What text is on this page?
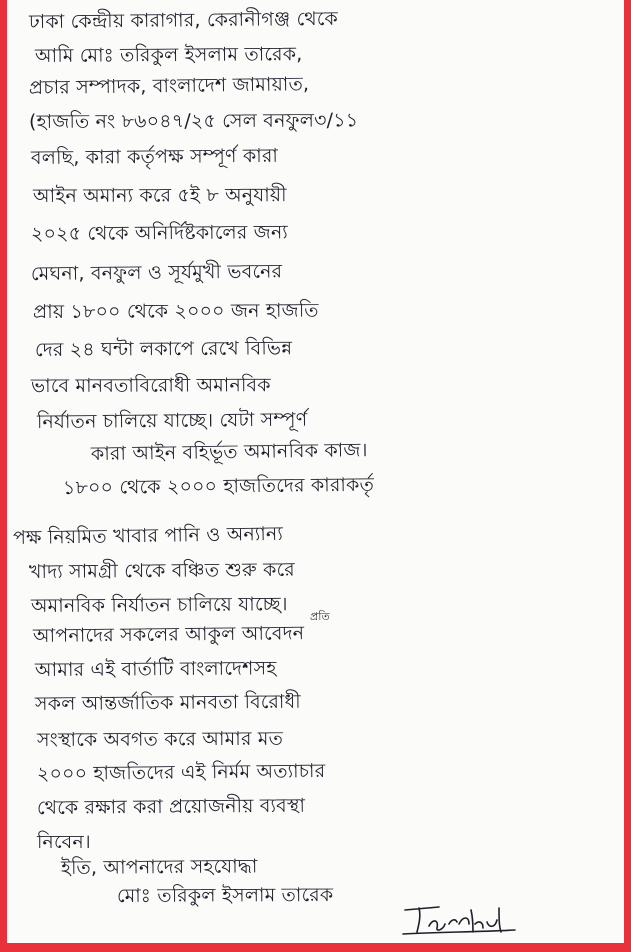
ঢাকা কেন্দ্রীয় কারাগার, কেরানীগঞ্জ থেকে
আমি মোঃ তরিকুল ইসলাম তারেক,
প্রচার সম্পাদক, বাংলাদেশ জামায়াত,
(হাজতি নং ৮৬০৪৭/২৫ সেল বনফুল৩/১১
বলছি, কারা কর্তৃপক্ষ সম্পূর্ণ কারা
আইন অমান্য করে ৫ই ৮ অনুযায়ী
২০২৫ থেকে অনির্দিষ্টকালের জন্য
মেঘনা, বনফুল ও সূর্যমুখী ভবনের
প্রায় ১৮০০ থেকে ২০০০ জন হাজতি
দের ২৪ ঘন্টা লকাপে রেখে বিভিন্ন
ভাবে মানবতাবিরোধী অমানবিক
নির্যাতন চালিয়ে যাচ্ছে। যেটা সম্পূর্ণ
কারা আইন বহির্ভূত অমানবিক কাজ।
১৮০০ থেকে ২০০০ হাজতিদের কারাকর্তৃ
পক্ষ নিয়মিত খাবার পানি ও অন্যান্য
খাদ্য সামগ্রী থেকে বঞ্চিত শুরু করে
অমানবিক নির্যাতন চালিয়ে যাচ্ছে। প্রতি
আপনাদের সকলের আকুল আবেদন
আমার এই বার্তাটি বাংলাদেশসহ
সকল আন্তর্জাতিক মানবতা বিরোধী
সংস্থাকে অবগত করে আমার মত
২০০০ হাজতিদের এই নির্মম অত্যাচার
থেকে রক্ষার করা প্রয়োজনীয় ব্যবস্থা
নিবেন।
ইতি, আপনাদের সহযোদ্ধা
মোঃ তরিকুল ইসলাম তারেক
